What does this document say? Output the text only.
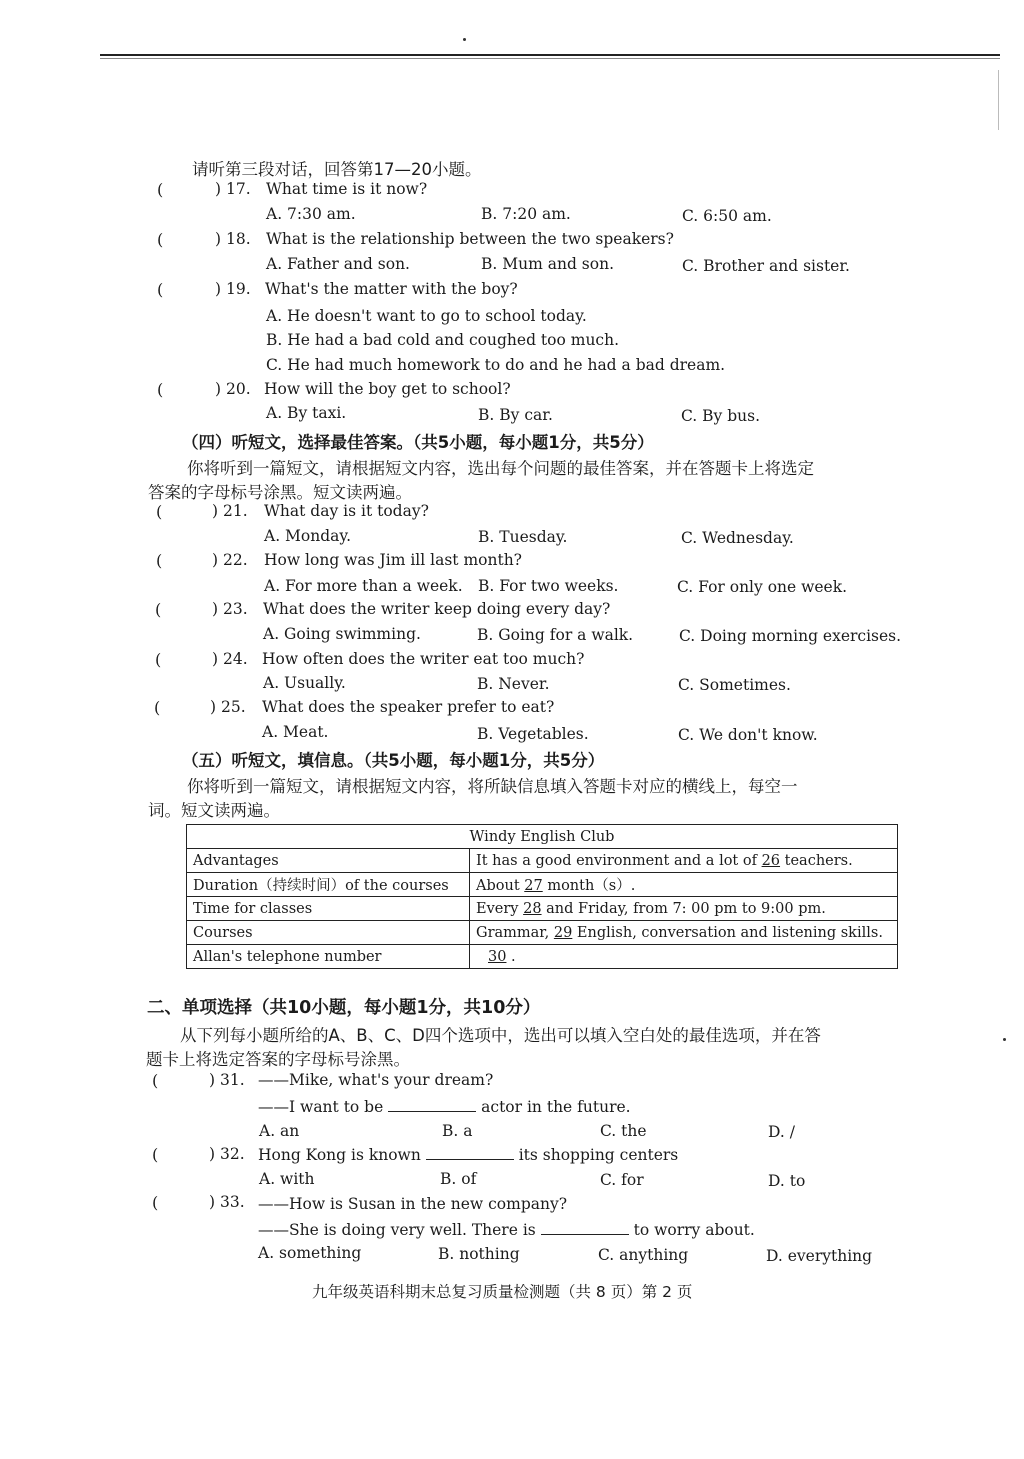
请听第三段对话，回答第17—20小题。
(	) 17. What time is it now?
A. 7:30 am.	B. 7:20 am.	C. 6:50 am.
(	) 18. What is the relationship between the two speakers?
A. Father and son.	B. Mum and son.	C. Brother and sister.
(	) 19. What's the matter with the boy?
A. He doesn't want to go to school today.
B. He had a bad cold and coughed too much.
C. He had much homework to do and he had a bad dream.
(	) 20. How will the boy get to school?
A. By taxi.	B. By car.	C. By bus.
（四）听短文，选择最佳答案。（共5小题，每小题1分，共5分）
你将听到一篇短文，请根据短文内容，选出每个问题的最佳答案，并在答题卡上将选定
答案的字母标号涂黑。短文读两遍。
(	) 21. What day is it today?
A. Monday.	B. Tuesday.	C. Wednesday.
(	) 22. How long was Jim ill last month?
A. For more than a week. B. For two weeks.	C. For only one week.
(	) 23. What does the writer keep doing every day?
A. Going swimming.	B. Going for a walk.	C. Doing morning exercises.
(	) 24. How often does the writer eat too much?
A. Usually.	B. Never.	C. Sometimes.
(	) 25. What does the speaker prefer to eat?
A. Meat.	B. Vegetables.	C. We don't know.
（五）听短文，填信息。（共5小题，每小题1分，共5分）
你将听到一篇短文，请根据短文内容，将所缺信息填入答题卡对应的横线上，每空一
词。短文读两遍。
Windy English Club	
Advantages	It has a good environment and a lot of 26 teachers.
Duration（持续时间）of the courses	About 27 month（s）.
Time for classes	Every 28 and Friday, from 7: 00 pm to 9:00 pm.
Courses	Grammar, 29 English, conversation and listening skills.
Allan's telephone number	30 .
二、单项选择（共10小题，每小题1分，共10分）
从下列每小题所给的A、B、C、D四个选项中，选出可以填入空白处的最佳选项，并在答
题卡上将选定答案的字母标号涂黑。
(	) 31. ——Mike, what's your dream?
——I want to be	actor in the future.
A. an	B. a	C. the	D. /
(	) 32. Hong Kong is known	its shopping centers
A. with	B. of	C. for	D. to
(	) 33. ——How is Susan in the new company?
——She is doing very well. There is	to worry about.
A. something	B. nothing	C. anything	D. everything
九年级英语科期末总复习质量检测题（共 8 页）第 2 页
